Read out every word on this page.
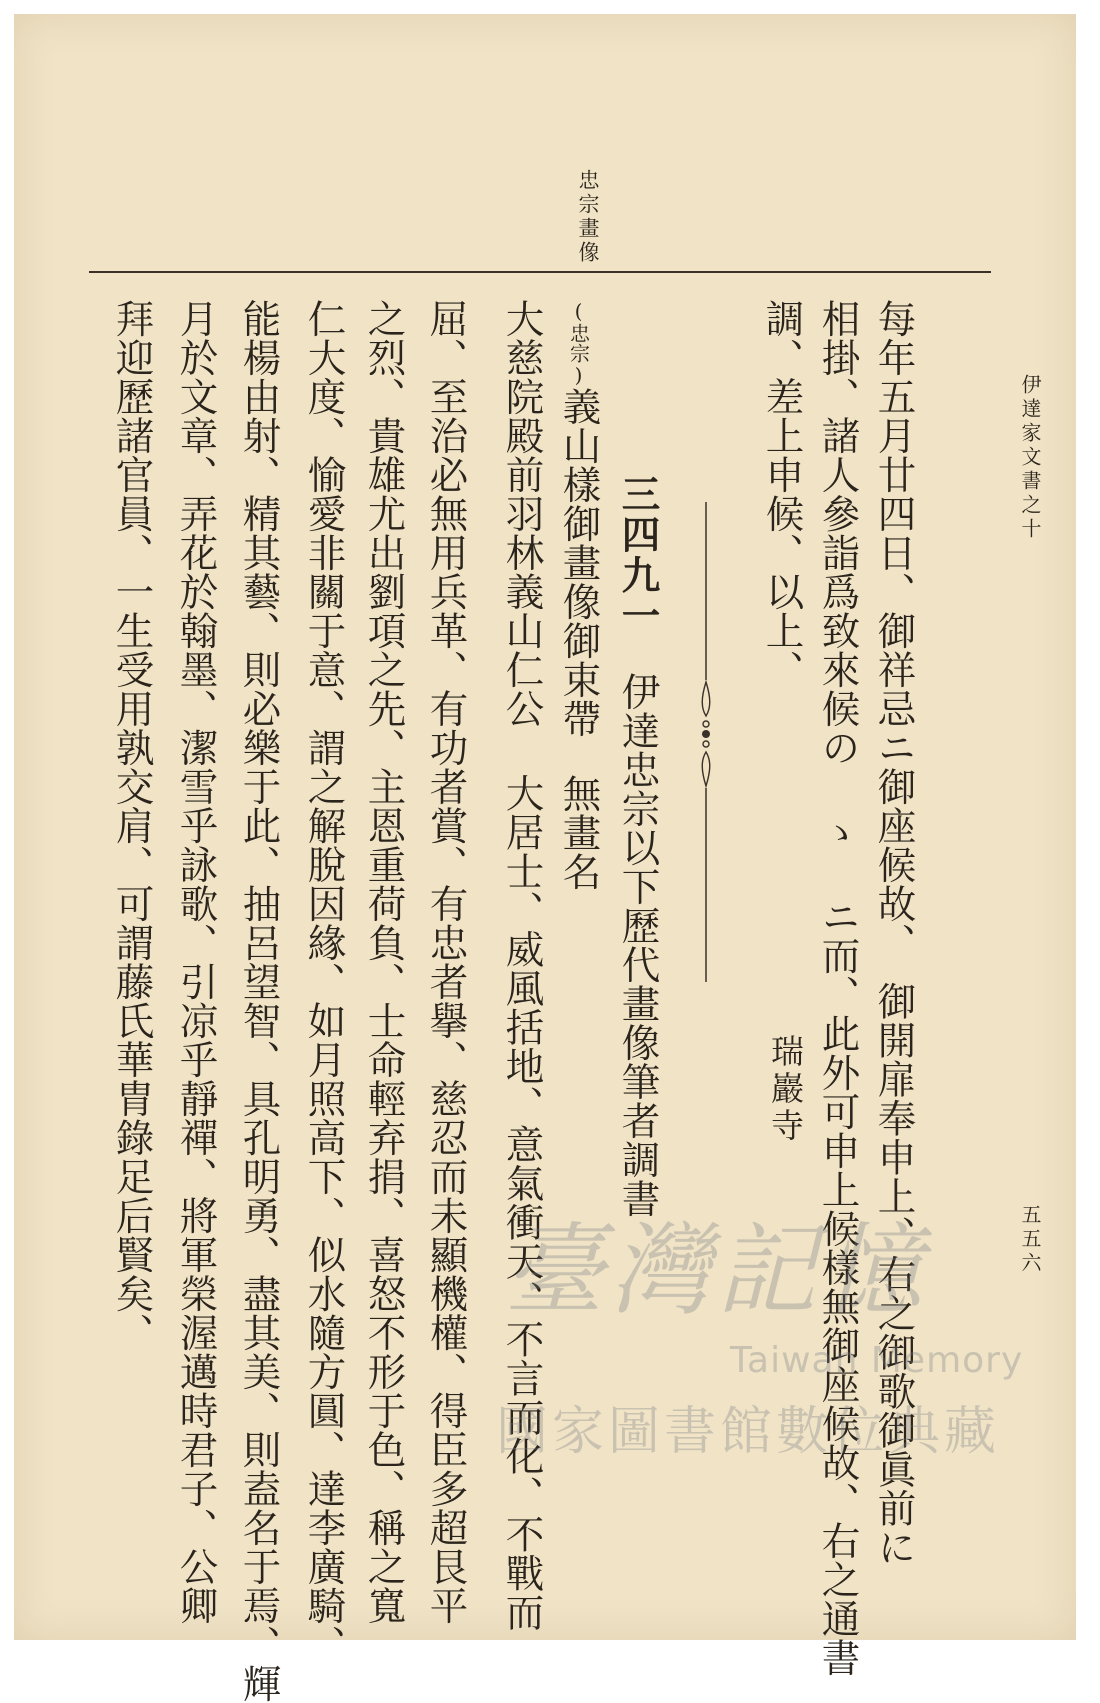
伊達家文書之十
五五六
忠宗畫像
每年五月廿四日、御祥忌ニ御座候故、　御開扉奉申上、右之御歌御眞前に
相掛、諸人參詣爲致來候の ゝ ニ而、此外可申上候樣無御座候故、右之通書
調、差上申候、以上、
瑞巖寺
三四九一伊達忠宗以下歷代畫像筆者調書
(忠宗)義山樣御畫像御束帶無畫名
大慈院殿前羽林義山仁公 大居士、威風括地、意氣衝天、不言而化、不戰而
屈、至治必無用兵革、有功者賞、有忠者擧、慈忍而未顯機權、得臣多超艮平
之烈、貴雄尤出劉項之先、主恩重荷負、士命輕弃捐、喜怒不形于色、稱之寬
仁大度、愉愛非關于意、謂之解脫因緣、如月照高下、似水隨方圓、達李廣騎、
能楊由射、精其藝、則必樂于此、抽呂望智、具孔明勇、盡其美、則盍名于焉、輝
月於文章、弄花於翰墨、潔雪乎詠歌、引凉乎靜禪、將軍榮渥邁時君子、公卿
拜迎歷諸官員、一生受用孰交肩、可謂藤氏華胄錄足后賢矣、	臺灣記憶
Taiwan Memory
國家圖書館數位典藏
